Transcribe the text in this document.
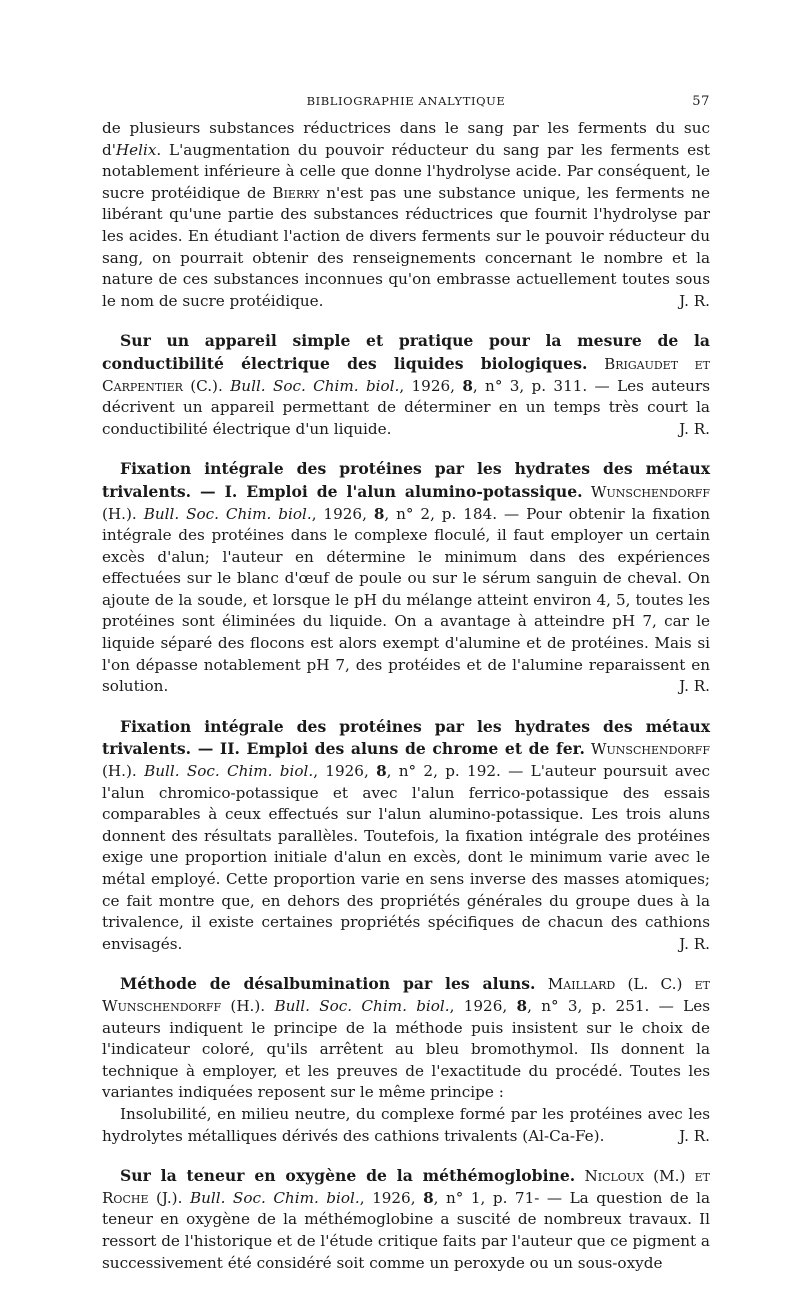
BIBLIOGRAPHIE ANALYTIQUE	57

de plusieurs substances réductrices dans le sang par les ferments du suc d'Helix. L'augmentation du pouvoir réducteur du sang par les ferments est notablement inférieure à celle que donne l'hydrolyse acide. Par conséquent, le sucre protéidique de Bierry n'est pas une substance unique, les ferments ne libérant qu'une partie des substances réductrices que fournit l'hydrolyse par les acides. En étudiant l'action de divers ferments sur le pouvoir réducteur du sang, on pourrait obtenir des renseignements concernant le nombre et la nature de ces substances inconnues qu'on embrasse actuellement toutes sous le nom de sucre protéidique.	J. R.

Sur un appareil simple et pratique pour la mesure de la conductibilité électrique des liquides biologiques. Brigaudet et Carpentier (C.). Bull. Soc. Chim. biol., 1926, 8, n° 3, p. 311. — Les auteurs décrivent un appareil permettant de déterminer en un temps très court la conductibilité électrique d'un liquide.	J. R.

Fixation intégrale des protéines par les hydrates des métaux trivalents. — I. Emploi de l'alun alumino-potassique. Wunschendorff (H.). Bull. Soc. Chim. biol., 1926, 8, n° 2, p. 184. — Pour obtenir la fixation intégrale des protéines dans le complexe floculé, il faut employer un certain excès d'alun; l'auteur en détermine le minimum dans des expériences effectuées sur le blanc d'œuf de poule ou sur le sérum sanguin de cheval. On ajoute de la soude, et lorsque le pH du mélange atteint environ 4, 5, toutes les protéines sont éliminées du liquide. On a avantage à atteindre pH 7, car le liquide séparé des flocons est alors exempt d'alumine et de protéines. Mais si l'on dépasse notablement pH 7, des protéides et de l'alumine reparaissent en solution.	J. R.

Fixation intégrale des protéines par les hydrates des métaux trivalents. — II. Emploi des aluns de chrome et de fer. Wunschendorff (H.). Bull. Soc. Chim. biol., 1926, 8, n° 2, p. 192. — L'auteur poursuit avec l'alun chromico-potassique et avec l'alun ferrico-potassique des essais comparables à ceux effectués sur l'alun alumino-potassique. Les trois aluns donnent des résultats parallèles. Toutefois, la fixation intégrale des protéines exige une proportion initiale d'alun en excès, dont le minimum varie avec le métal employé. Cette proportion varie en sens inverse des masses atomiques; ce fait montre que, en dehors des propriétés générales du groupe dues à la trivalence, il existe certaines propriétés spécifiques de chacun des cathions envisagés.	J. R.

Méthode de désalbumination par les aluns. Maillard (L. C.) et Wunschendorff (H.). Bull. Soc. Chim. biol., 1926, 8, n° 3, p. 251. — Les auteurs indiquent le principe de la méthode puis insistent sur le choix de l'indicateur coloré, qu'ils arrêtent au bleu bromothymol. Ils donnent la technique à employer, et les preuves de l'exactitude du procédé. Toutes les variantes indiquées reposent sur le même principe :

Insolubilité, en milieu neutre, du complexe formé par les protéines avec les hydrolytes métalliques dérivés des cathions trivalents (Al-Ca-Fe).	J. R.

Sur la teneur en oxygène de la méthémoglobine. Nicloux (M.) et Roche (J.). Bull. Soc. Chim. biol., 1926, 8, n° 1, p. 71- — La question de la teneur en oxygène de la méthémoglobine a suscité de nombreux travaux. Il ressort de l'historique et de l'étude critique faits par l'auteur que ce pigment a successivement été considéré soit comme un peroxyde ou un sous-oxyde
